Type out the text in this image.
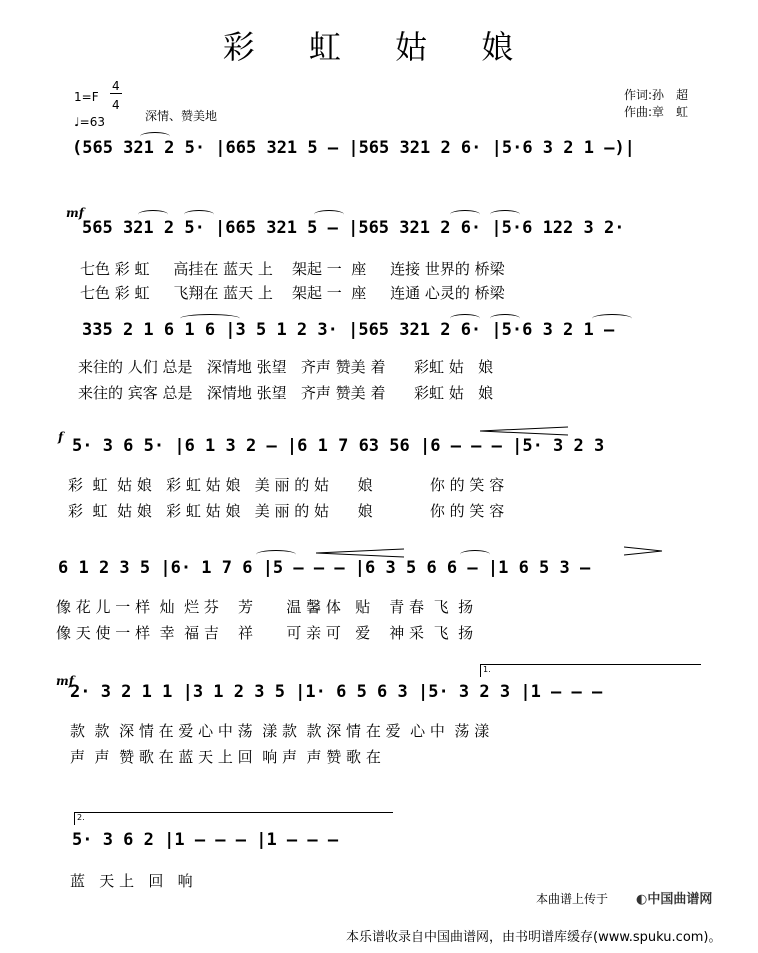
彩 虹 姑 娘
1=F
4
4
♩=63	深情、赞美地
作词:孙　超
作曲:章　虹
(565 321 2 5· |665 321 5 – |565 321 2 6· |5·6 3 2 1 –)|
mf
565 321 2 5· |665 321 5 – |565 321 2 6· |5·6 122 3 2·
七色 彩 虹     高挂在 蓝天 上    架起 一  座     连接 世界的 桥梁
七色 彩 虹     飞翔在 蓝天 上    架起 一  座     连通 心灵的 桥梁
335 2 1 6 1 6 |3 5 1 2 3· |565 321 2 6· |5·6 3 2 1 –
来往的 人们 总是   深情地 张望   齐声 赞美 着      彩虹 姑   娘
来往的 宾客 总是   深情地 张望   齐声 赞美 着      彩虹 姑   娘
f 5· 3 6 5· |6 1 3 2 – |6 1 7 63 56 |6 – – – |5· 3 2 3
彩  虹  姑 娘   彩 虹 姑 娘   美 丽 的 姑      娘            你 的 笑 容
彩  虹  姑 娘   彩 虹 姑 娘   美 丽 的 姑      娘            你 的 笑 容
6 1 2 3 5 |6· 1 7 6 |5 – – – |6 3 5 6 6 – |1 6 5 3 –
像 花 儿 一 样  灿  烂 芬    芳       温 馨 体   贴    青 春  飞  扬
像 天 使 一 样  幸  福 吉    祥       可 亲 可   爱    神 采  飞  扬
mf
1.
2· 3 2 1 1 |3 1 2 3 5 |1· 6 5 6 3 |5· 3 2 3 |1 – – –
款  款  深 情 在 爱 心 中 荡  漾 款  款 深 情 在 爱  心 中  荡 漾
声  声  赞 歌 在 蓝 天 上 回  响 声  声 赞 歌 在
2.
5· 3 6 2 |1 – – – |1 – – –
蓝   天 上   回   响
本曲谱上传于 ◐中国曲谱网
本乐谱收录自中国曲谱网，由书明谱库缓存(www.spuku.com)。
